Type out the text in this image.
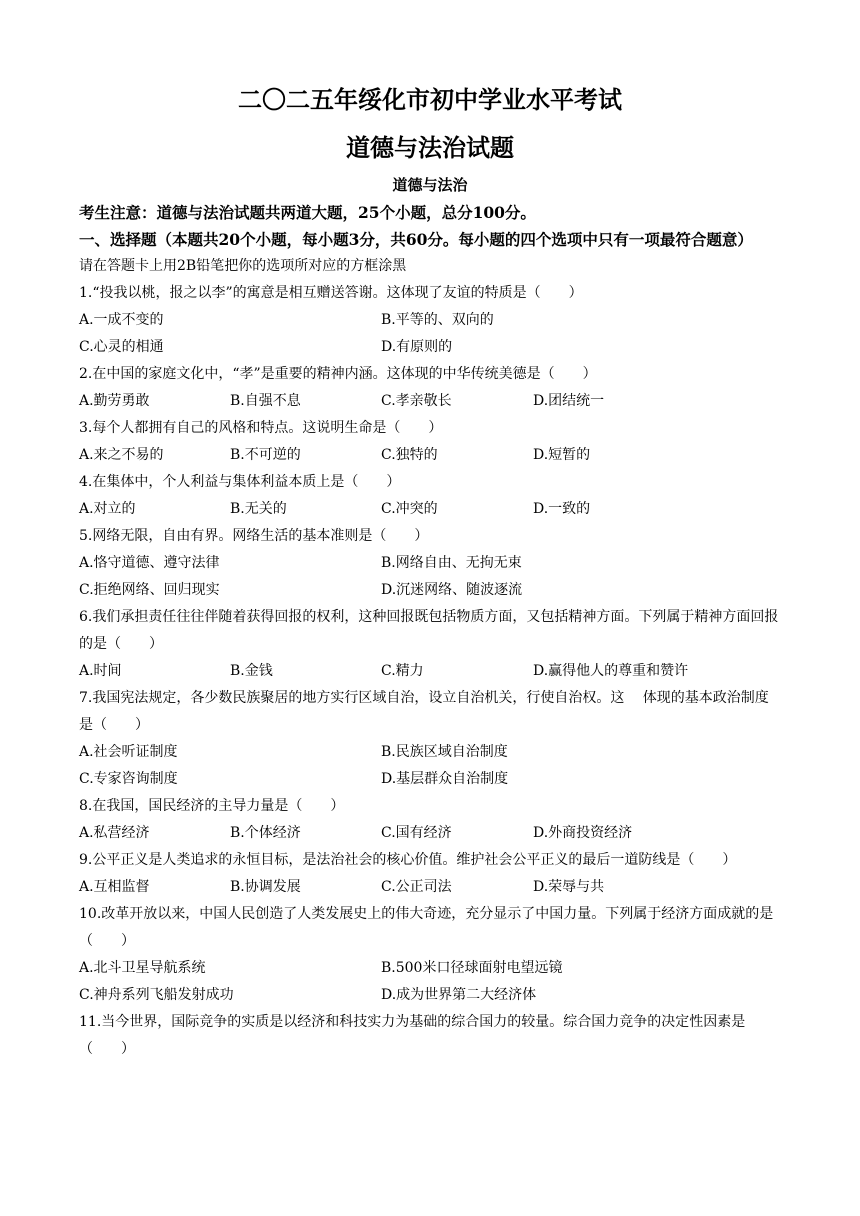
二〇二五年绥化市初中学业水平考试
道德与法治试题
道德与法治
考生注意：道德与法治试题共两道大题，25个小题，总分100分。
一、选择题（本题共20个小题，每小题3分，共60分。每小题的四个选项中只有一项最符合题意）
请在答题卡上用2B铅笔把你的选项所对应的方框涂黑
1.“投我以桃，报之以李”的寓意是相互赠送答谢。这体现了友谊的特质是（　　）
A.一成不变的	B.平等的、双向的
C.心灵的相通	D.有原则的
2.在中国的家庭文化中，“孝”是重要的精神内涵。这体现的中华传统美德是（　　）
A.勤劳勇敢	B.自强不息	C.孝亲敬长	D.团结统一
3.每个人都拥有自己的风格和特点。这说明生命是（　　）
A.来之不易的	B.不可逆的	C.独特的	D.短暂的
4.在集体中，个人利益与集体利益本质上是（　　）
A.对立的	B.无关的	C.冲突的	D.一致的
5.网络无限，自由有界。网络生活的基本准则是（　　）
A.恪守道德、遵守法律	B.网络自由、无拘无束
C.拒绝网络、回归现实	D.沉迷网络、随波逐流
6.我们承担责任往往伴随着获得回报的权利，这种回报既包括物质方面，又包括精神方面。下列属于精神方面回报的是（　　）
A.时间	B.金钱	C.精力	D.赢得他人的尊重和赞许
7.我国宪法规定，各少数民族聚居的地方实行区域自治，设立自治机关，行使自治权。这　 体现的基本政治制度是（　　）
A.社会听证制度	B.民族区域自治制度
C.专家咨询制度	D.基层群众自治制度
8.在我国，国民经济的主导力量是（　　）
A.私营经济	B.个体经济	C.国有经济	D.外商投资经济
9.公平正义是人类追求的永恒目标，是法治社会的核心价值。维护社会公平正义的最后一道防线是（　　）
A.互相监督	B.协调发展	C.公正司法	D.荣辱与共
10.改革开放以来，中国人民创造了人类发展史上的伟大奇迹，充分显示了中国力量。下列属于经济方面成就的是（　　）
A.北斗卫星导航系统	B.500米口径球面射电望远镜
C.神舟系列飞船发射成功	D.成为世界第二大经济体
11.当今世界，国际竞争的实质是以经济和科技实力为基础的综合国力的较量。综合国力竞争的决定性因素是（　　）
